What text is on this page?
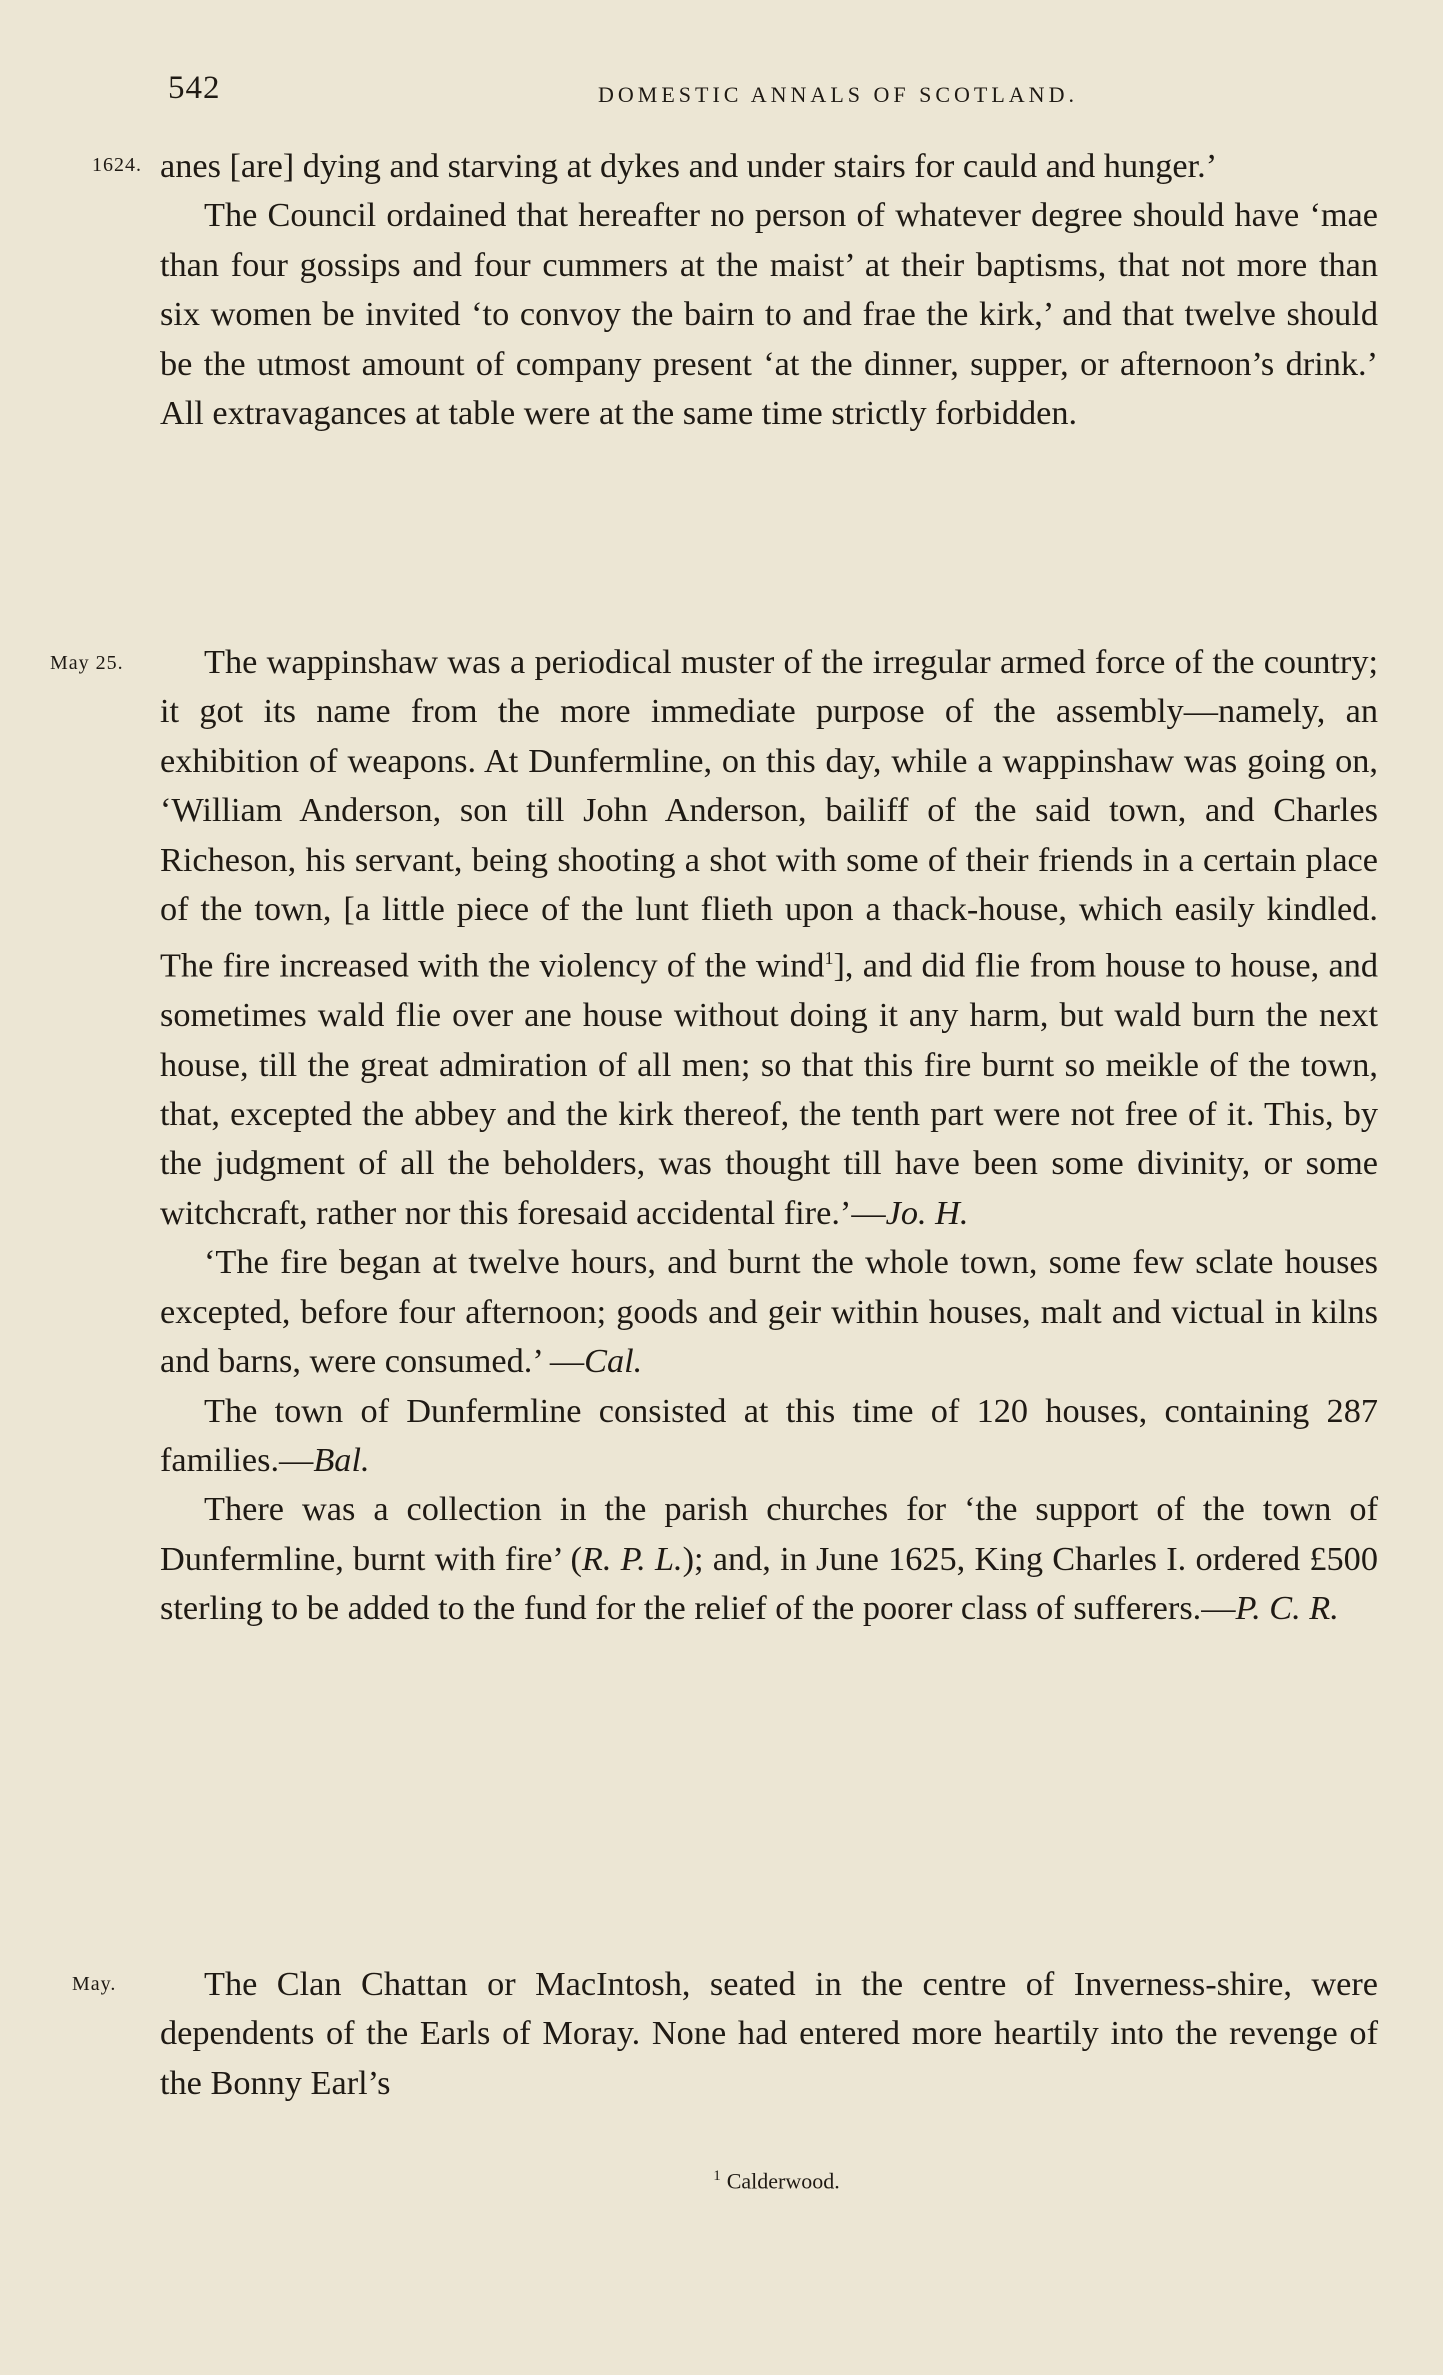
542	DOMESTIC ANNALS OF SCOTLAND.
1624. anes [are] dying and starving at dykes and under stairs for cauld and hunger.’

The Council ordained that hereafter no person of whatever degree should have ‘mae than four gossips and four cummers at the maist’ at their baptisms, that not more than six women be invited ‘to convoy the bairn to and frae the kirk,’ and that twelve should be the utmost amount of company present ‘at the dinner, supper, or afternoon’s drink.’ All extravagances at table were at the same time strictly forbidden.

May 25.	The wappinshaw was a periodical muster of the irregular armed force of the country; it got its name from the more immediate purpose of the assembly—namely, an exhibition of weapons. At Dunfermline, on this day, while a wappinshaw was going on, ‘William Anderson, son till John Anderson, bailiff of the said town, and Charles Richeson, his servant, being shooting a shot with some of their friends in a certain place of the town, [a little piece of the lunt flieth upon a thack-house, which easily kindled. The fire increased with the violency of the wind$^1$], and did flie from house to house, and sometimes wald flie over ane house without doing it any harm, but wald burn the next house, till the great admiration of all men; so that this fire burnt so meikle of the town, that, excepted the abbey and the kirk thereof, the tenth part were not free of it. This, by the judgment of all the beholders, was thought till have been some divinity, or some witchcraft, rather nor this foresaid accidental fire.’—Jo. H.

‘The fire began at twelve hours, and burnt the whole town, some few sclate houses excepted, before four afternoon; goods and geir within houses, malt and victual in kilns and barns, were consumed.’ —Cal.

The town of Dunfermline consisted at this time of 120 houses, containing 287 families.—Bal.

There was a collection in the parish churches for ‘the support of the town of Dunfermline, burnt with fire’ (R. P. L.); and, in June 1625, King Charles I. ordered £500 sterling to be added to the fund for the relief of the poorer class of sufferers.—P. C. R.

May.	The Clan Chattan or MacIntosh, seated in the centre of Inverness-shire, were dependents of the Earls of Moray. None had entered more heartily into the revenge of the Bonny Earl’s

$^1$ Calderwood.
